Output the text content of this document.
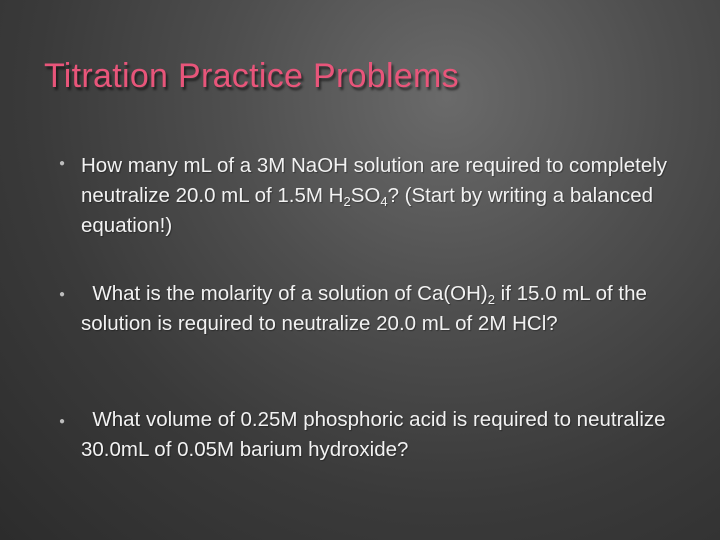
Titration Practice Problems
● How many mL of a 3M NaOH solution are required to completely neutralize 20.0 mL of 1.5M $H_2SO_4$? (Start by writing a balanced equation!)
● What is the molarity of a solution of $Ca(OH)_2$ if 15.0 mL of the solution is required to neutralize 20.0 mL of 2M HCl?
● What volume of 0.25M phosphoric acid is required to neutralize 30.0mL of 0.05M barium hydroxide?
